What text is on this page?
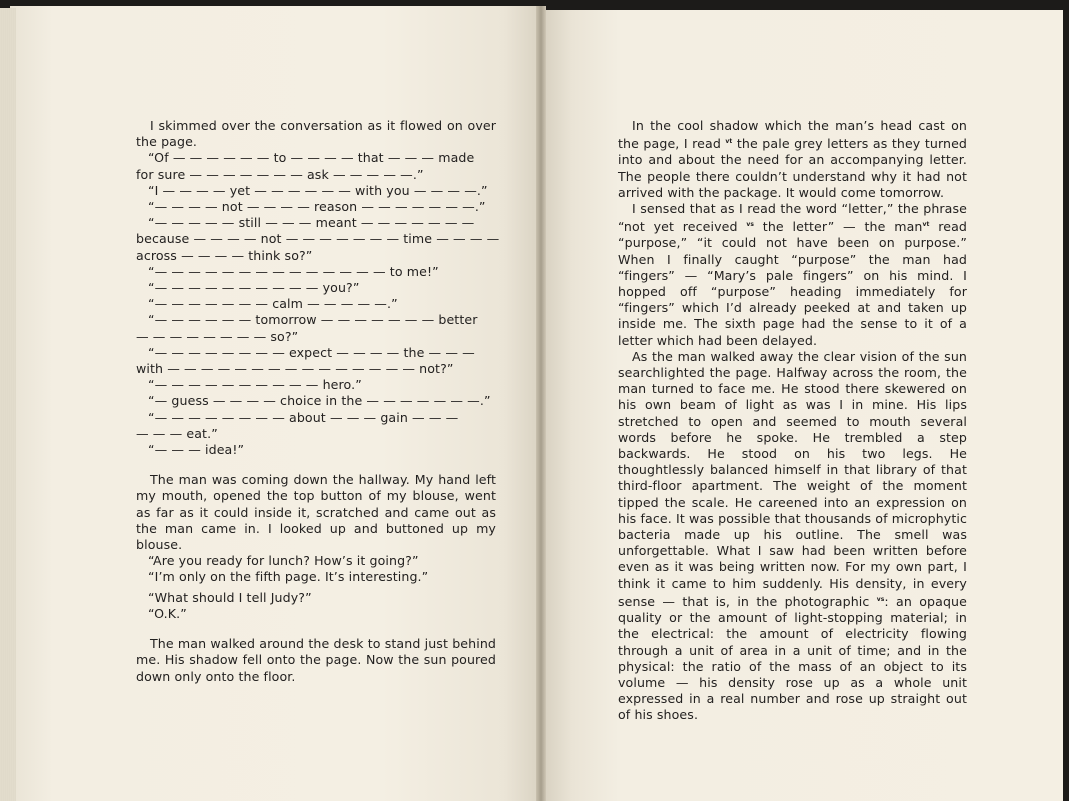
I skimmed over the conversation as it flowed on over the page.

“Of — — — — — — to — — — — that — — — made
for sure — — — — — — — ask — — — — —.”
“I — — — — yet — — — — — — with you — — — —.”
“— — — — not — — — — reason — — — — — — —.”
“— — — — — still — — — meant — — — — — — —
because — — — — not — — — — — — — time — — — —
across — — — — think so?”
“— — — — — — — — — — — — — — to me!”
“— — — — — — — — — — you?”
“— — — — — — — calm — — — — —.”
“— — — — — — tomorrow — — — — — — — better
— — — — — — — — so?”
“— — — — — — — — expect — — — — the — — —
with — — — — — — — — — — — — — — — not?”
“— — — — — — — — — — hero.”
“— guess — — — — choice in the — — — — — — —.”
“— — — — — — — — about — — — gain — — —
— — — eat.”
“— — — idea!”

The man was coming down the hallway. My hand left my mouth, opened the top button of my blouse, went as far as it could inside it, scratched and came out as the man came in. I looked up and buttoned up my blouse.

“Are you ready for lunch? How’s it going?”
“I’m only on the fifth page. It’s interesting.”
“What should I tell Judy?”
“O.K.”

The man walked around the desk to stand just behind me. His shadow fell onto the page. Now the sun poured down only onto the floor.

In the cool shadow which the man’s head cast on the page, I read $^{vt}$ the pale grey letters as they turned into and about the need for an accompanying letter. The people there couldn’t understand why it had not arrived with the package. It would come tomorrow.

I sensed that as I read the word “letter,” the phrase “not yet received $^{vs}$ the letter” — the man$^{vt}$ read “purpose,” “it could not have been on purpose.” When I finally caught “purpose” the man had “fingers” — “Mary’s pale fingers” on his mind. I hopped off “purpose” heading immediately for “fingers” which I’d already peeked at and taken up inside me. The sixth page had the sense to it of a letter which had been delayed.

As the man walked away the clear vision of the sun searchlighted the page. Halfway across the room, the man turned to face me. He stood there skewered on his own beam of light as was I in mine. His lips stretched to open and seemed to mouth several words before he spoke. He trembled a step backwards. He stood on his two legs. He thoughtlessly balanced himself in that library of that third-floor apartment. The weight of the moment tipped the scale. He careened into an expression on his face. It was possible that thousands of microphytic bacteria made up his outline. The smell was unforgettable. What I saw had been written before even as it was being written now. For my own part, I think it came to him suddenly. His density, in every sense — that is, in the photographic $^{vs}$: an opaque quality or the amount of light-stopping material; in the electrical: the amount of electricity flowing through a unit of area in a unit of time; and in the physical: the ratio of the mass of an object to its volume — his density rose up as a whole unit expressed in a real number and rose up straight out of his shoes.
